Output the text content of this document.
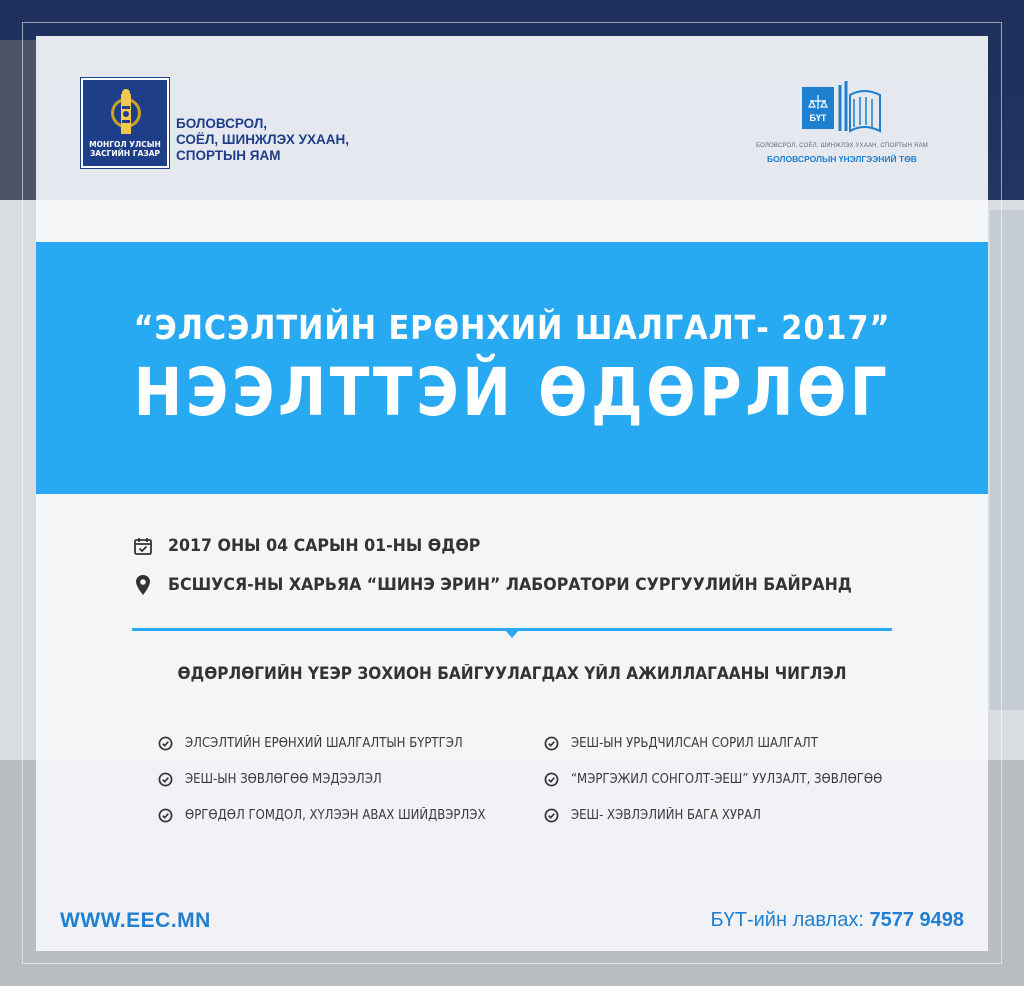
МОНГОЛ УЛСЫН ЗАСГИЙН ГАЗАР
БОЛОВСРОЛ,
СОЁЛ, ШИНЖЛЭХ УХААН,
СПОРТЫН ЯАМ
БҮТ
БОЛОВСРОЛ, СОЁЛ, ШИНЖЛЭХ УХААН, СПОРТЫН ЯАМ
БОЛОВСРОЛЫН ҮНЭЛГЭЭНИЙ ТӨВ
“ЭЛСЭЛТИЙН ЕРӨНХИЙ ШАЛГАЛТ- 2017”
НЭЭЛТТЭЙ ӨДӨРЛӨГ
2017 ОНЫ 04 САРЫН 01-НЫ ӨДӨР
БСШУСЯ-НЫ ХАРЬЯА “ШИНЭ ЭРИН” ЛАБОРАТОРИ СУРГУУЛИЙН БАЙРАНД
ӨДӨРЛӨГИЙН ҮЕЭР ЗОХИОН БАЙГУУЛАГДАХ ҮЙЛ АЖИЛЛАГААНЫ ЧИГЛЭЛ
ЭЛСЭЛТИЙН ЕРӨНХИЙ ШАЛГАЛТЫН БҮРТГЭЛ
ЭЕШ-ЫН ЗӨВЛӨГӨӨ МЭДЭЭЛЭЛ
ӨРГӨДӨЛ ГОМДОЛ, ХҮЛЭЭН АВАХ ШИЙДВЭРЛЭХ
ЭЕШ-ЫН УРЬДЧИЛСАН СОРИЛ ШАЛГАЛТ
“МЭРГЭЖИЛ СОНГОЛТ-ЭЕШ” УУЛЗАЛТ, ЗӨВЛӨГӨӨ
ЭЕШ- ХЭВЛЭЛИЙН БАГА ХУРАЛ
WWW.EEC.MN	БҮТ-ийн лавлах: 7577 9498
